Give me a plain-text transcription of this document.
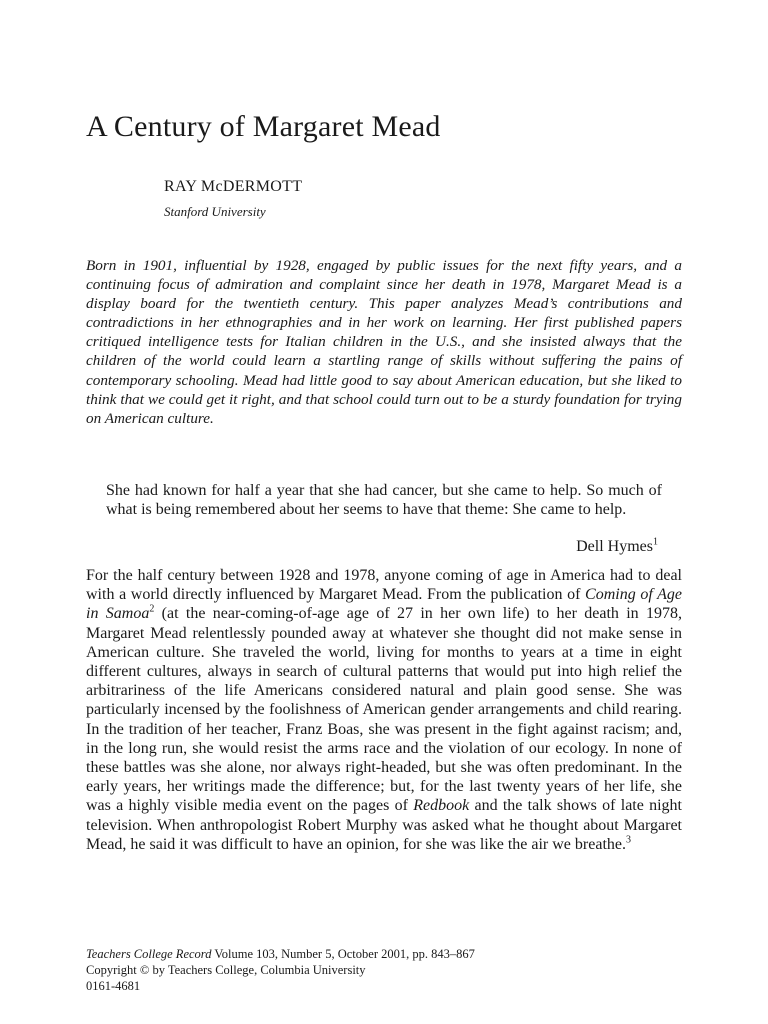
A Century of Margaret Mead
RAY McDERMOTT
Stanford University

Born in 1901, influential by 1928, engaged by public issues for the next fifty years, and a continuing focus of admiration and complaint since her death in 1978, Margaret Mead is a display board for the twentieth century. This paper analyzes Mead’s contributions and contradictions in her ethnographies and in her work on learning. Her first published papers critiqued intelligence tests for Italian children in the U.S., and she insisted always that the children of the world could learn a startling range of skills without suffering the pains of contemporary schooling. Mead had little good to say about American education, but she liked to think that we could get it right, and that school could turn out to be a sturdy foundation for trying on American culture.

She had known for half a year that she had cancer, but she came to help. So much of what is being remembered about her seems to have that theme: She came to help.

Dell Hymes$^1$

For the half century between 1928 and 1978, anyone coming of age in America had to deal with a world directly influenced by Margaret Mead. From the publication of Coming of Age in Samoa$^2$ (at the near-coming-of-age age of 27 in her own life) to her death in 1978, Margaret Mead relentlessly pounded away at whatever she thought did not make sense in American culture. She traveled the world, living for months to years at a time in eight different cultures, always in search of cultural patterns that would put into high relief the arbitrariness of the life Americans considered natural and plain good sense. She was particularly incensed by the foolishness of American gender arrangements and child rearing. In the tradition of her teacher, Franz Boas, she was present in the fight against racism; and, in the long run, she would resist the arms race and the violation of our ecology. In none of these battles was she alone, nor always right-headed, but she was often predominant. In the early years, her writings made the difference; but, for the last twenty years of her life, she was a highly visible media event on the pages of Redbook and the talk shows of late night television. When anthropologist Robert Murphy was asked what he thought about Margaret Mead, he said it was difficult to have an opinion, for she was like the air we breathe.$^3$

Teachers College Record Volume 103, Number 5, October 2001, pp. 843–867
Copyright © by Teachers College, Columbia University
0161-4681
